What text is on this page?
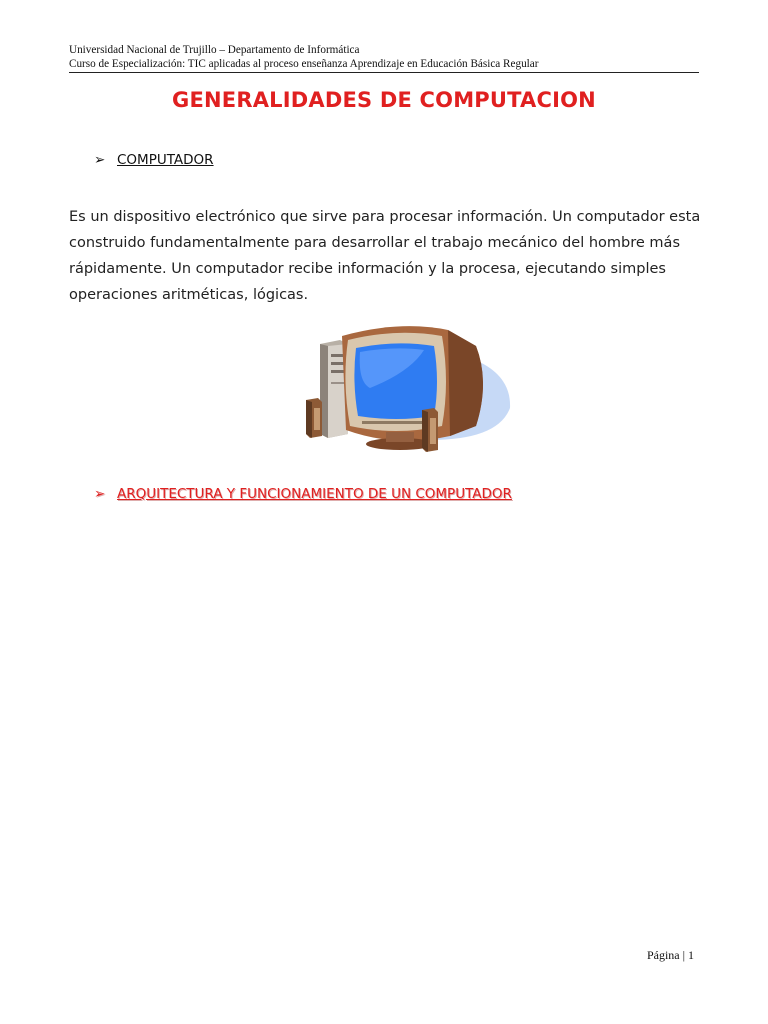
Universidad Nacional de Trujillo – Departamento de Informática
Curso de Especialización: TIC aplicadas al proceso enseñanza Aprendizaje en Educación Básica Regular
GENERALIDADES DE COMPUTACION
➢ COMPUTADOR
Es un dispositivo electrónico que sirve para procesar información. Un computador esta construido fundamentalmente para desarrollar el trabajo mecánico del hombre más rápidamente. Un computador recibe información y la procesa, ejecutando simples operaciones aritméticas, lógicas.
➢ ARQUITECTURA Y FUNCIONAMIENTO DE UN COMPUTADOR
Página | 1
